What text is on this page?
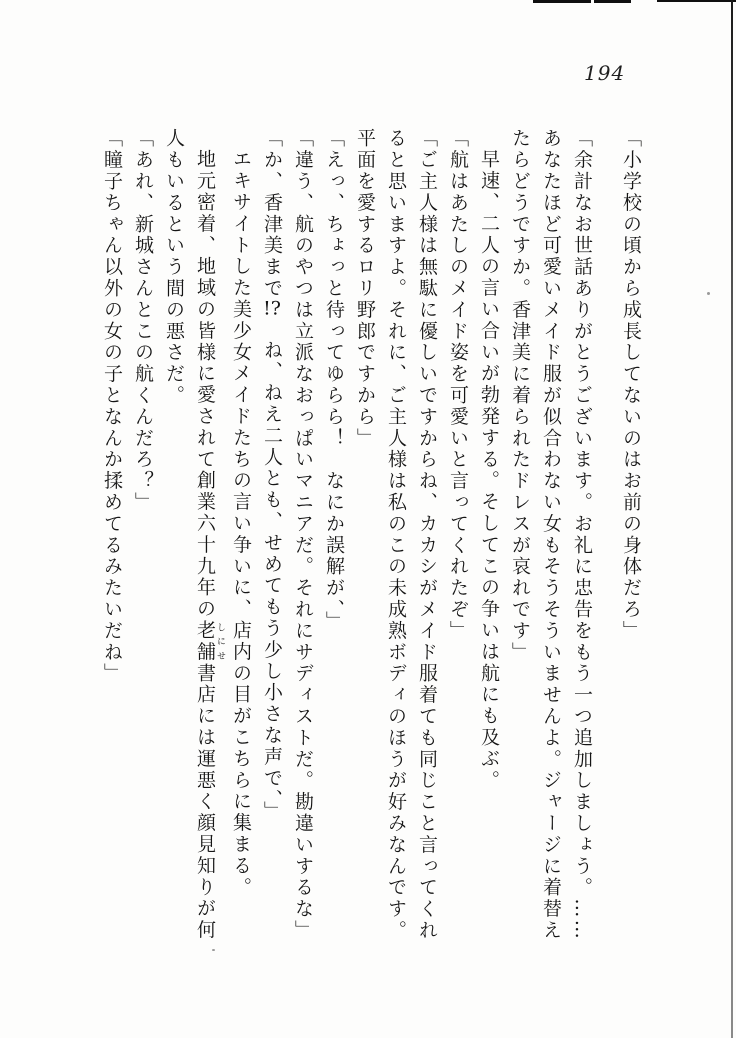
194

「小学校の頃から成長してないのはお前の身体だろ」

「余計なお世話ありがとうございます。お礼に忠告をもう一つ追加しましょう。……あなたほど可愛いメイド服が似合わない女もそうそういませんよ。ジャージに着替えたらどうですか。香津美に着られたドレスが哀れです」

早速、二人の言い合いが勃発する。そしてこの争いは航にも及ぶ。

「航はあたしのメイド姿を可愛いと言ってくれたぞ」

「ご主人様は無駄に優しいですからね、カカシがメイド服着ても同じこと言ってくれると思いますよ。それに、ご主人様は私のこの未成熟ボディのほうが好みなんです。平面を愛するロリ野郎ですから」

「えっ、ちょっと待ってゆらら！　なにか誤解が、」

「違う、航のやつは立派なおっぱいマニアだ。それにサディストだ。勘違いするな」

「か、香津美まで!?　ね、ねえ二人とも、せめてもう少し小さな声で、」

エキサイトした美少女メイドたちの言い争いに、店内の目がこちらに集まる。

地元密着、地域の皆様に愛されて創業六十九年の老舗 しにせ書店には運悪く顔見知りが何人もいるという間の悪さだ。

「あれ、新城さんとこの航くんだろ？」

「瞳子ちゃん以外の女の子となんか揉めてるみたいだね」
